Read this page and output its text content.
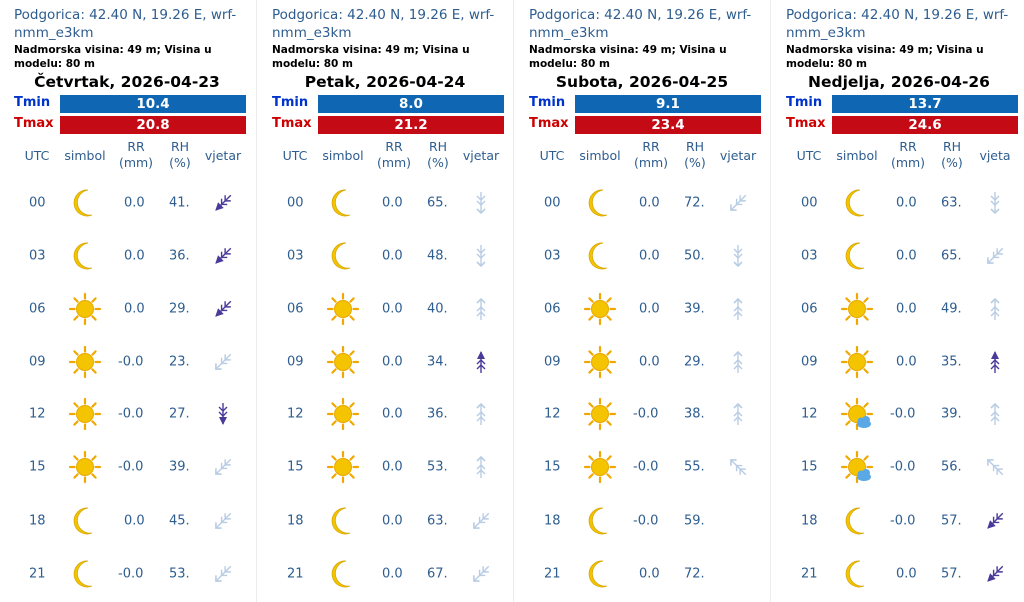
Podgorica: 42.40 N, 19.26 E, wrf-nmm_e3km
Nadmorska visina: 49 m; Visina u modelu: 80 m
Četvrtak, 2026-04-23
Tmin	10.4
Tmax	20.8
UTC	simbol
RR
(mm)
RH
(%)	vjetar
00	0.0 41.
03	0.0 36.
06	0.0 29.
09	-0.0 23.
12	-0.0 27.
15	-0.0 39.
18	0.0 45.
21	-0.0 53.
Podgorica: 42.40 N, 19.26 E, wrf-nmm_e3km
Nadmorska visina: 49 m; Visina u modelu: 80 m
Petak, 2026-04-24
Tmin	8.0
Tmax	21.2
UTC	simbol
RR
(mm)
RH
(%)	vjetar
00	0.0 65.
03	0.0 48.
06	0.0 40.
09	0.0 34.
12	0.0 36.
15	0.0 53.
18	0.0 63.
21	0.0 67.
Podgorica: 42.40 N, 19.26 E, wrf-nmm_e3km
Nadmorska visina: 49 m; Visina u modelu: 80 m
Subota, 2026-04-25
Tmin	9.1
Tmax	23.4
UTC	simbol
RR
(mm)
RH
(%)	vjetar
00	0.0 72.
03	0.0 50.
06	0.0 39.
09	0.0 29.
12	-0.0 38.
15	-0.0 55.
18	-0.0 59.
21	0.0 72.
Podgorica: 42.40 N, 19.26 E, wrf-nmm_e3km
Nadmorska visina: 49 m; Visina u modelu: 80 m
Nedjelja, 2026-04-26
Tmin	13.7
Tmax	24.6
UTC	simbol
RR
(mm)
RH
(%)	vjeta
00	0.0 63.
03	0.0 65.
06	0.0 49.
09	0.0 35.
12	-0.0 39.
15	-0.0 56.
18	-0.0 57.
21	0.0 57.
